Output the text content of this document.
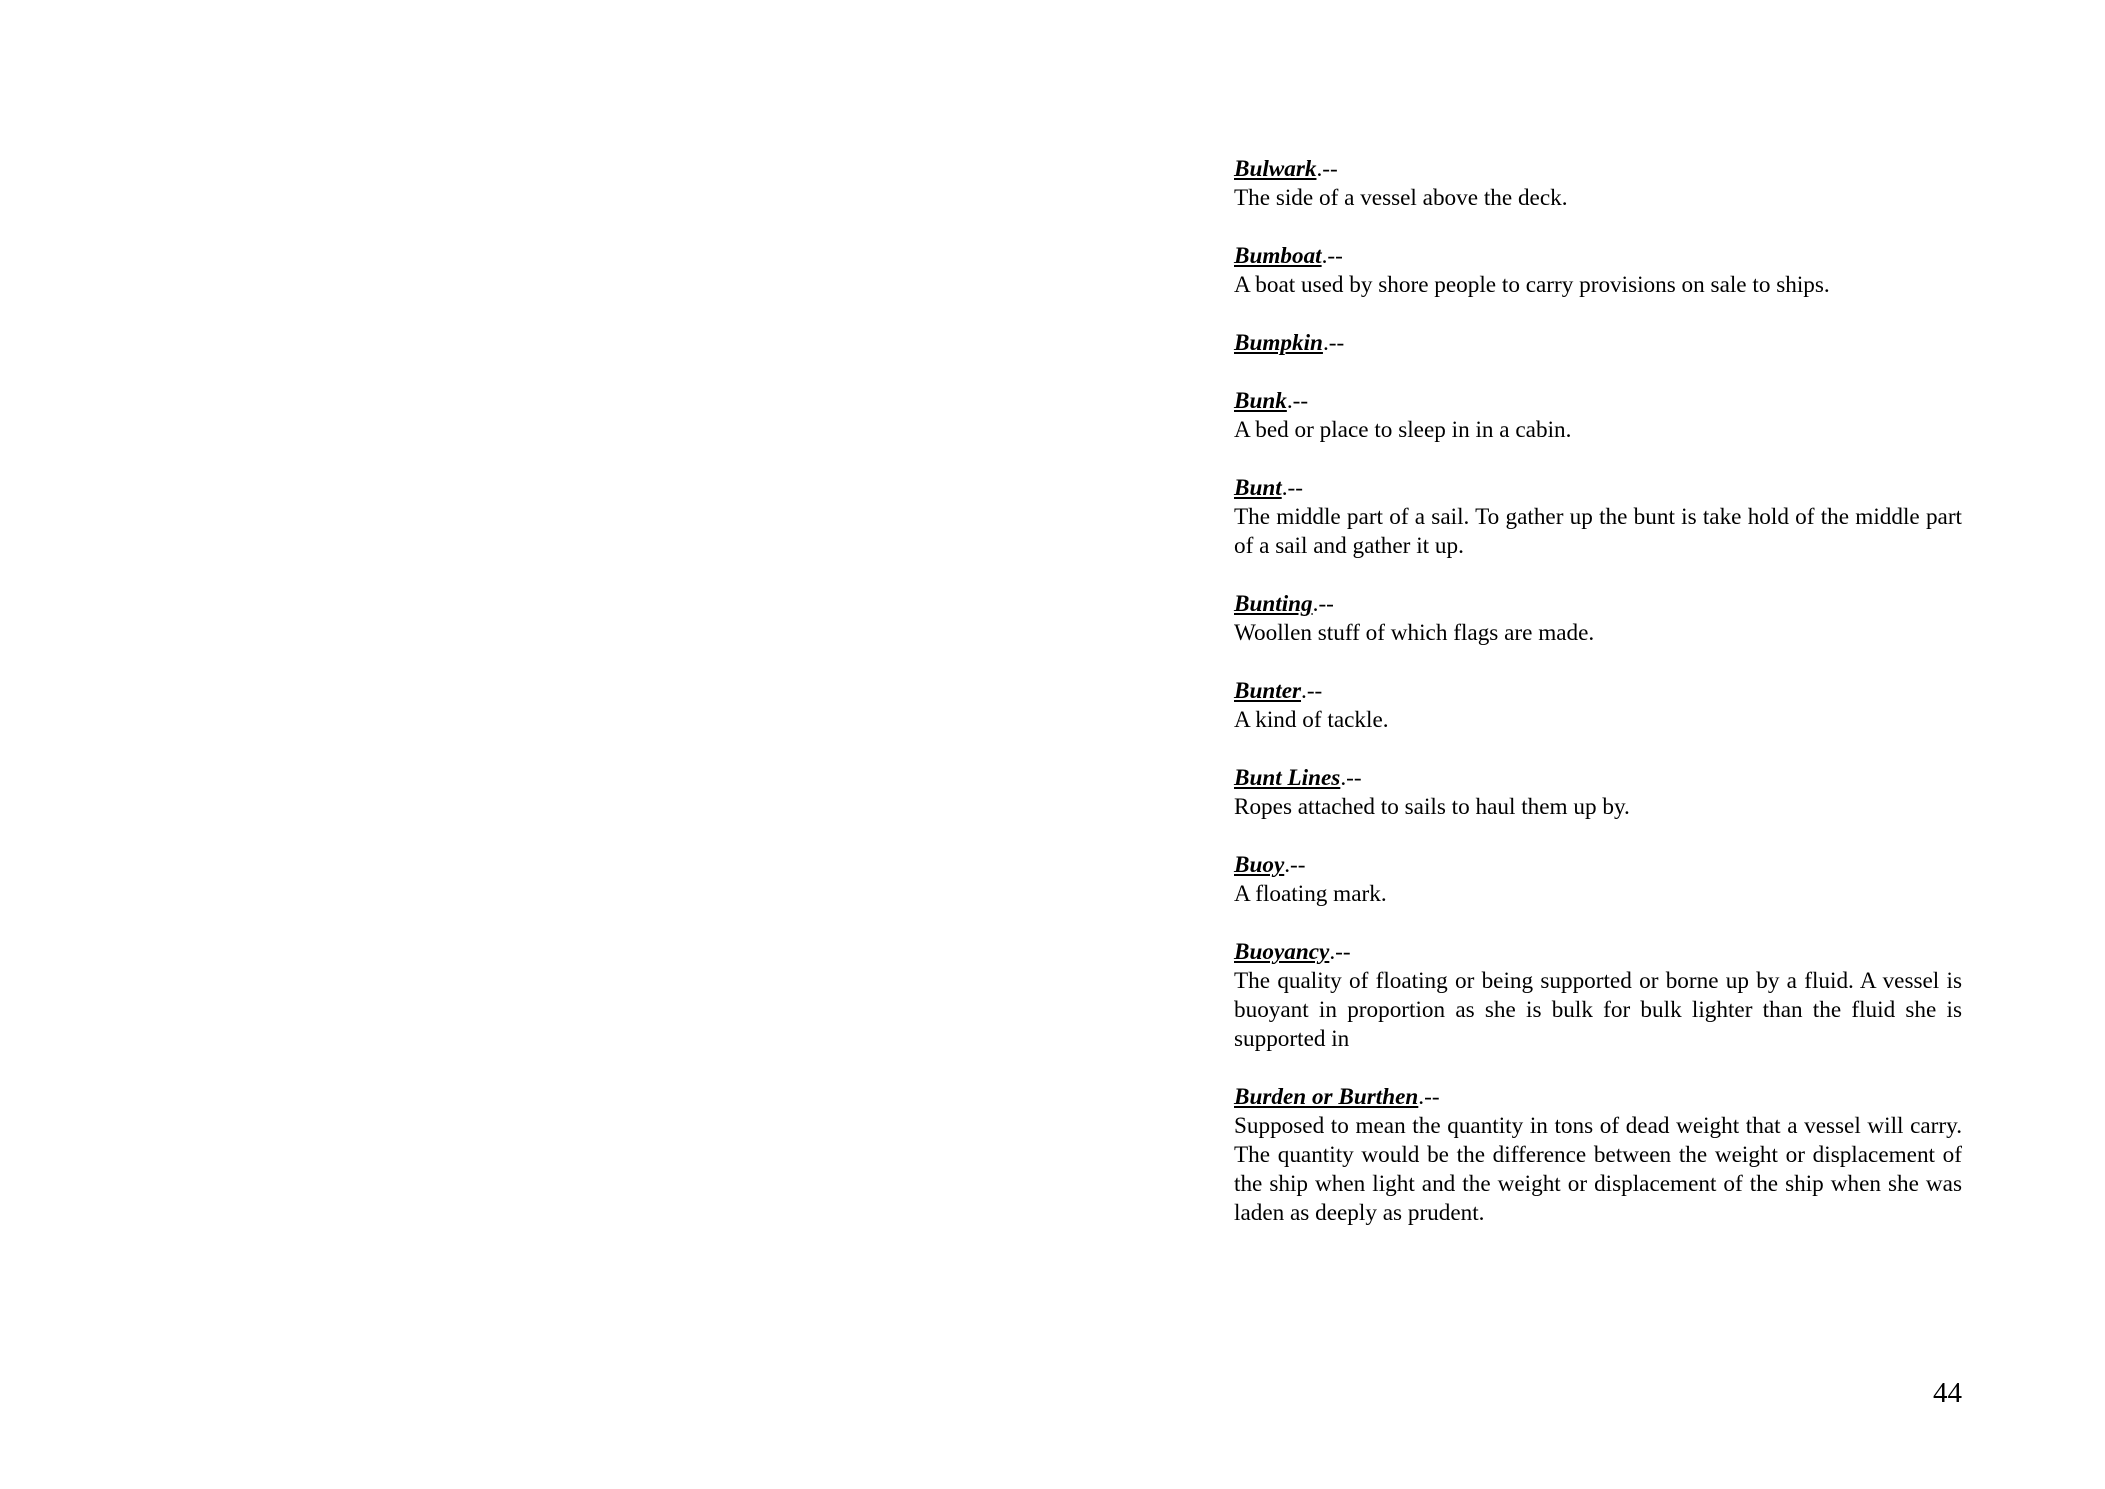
Bulwark.--
The side of a vessel above the deck.
Bumboat.--
A boat used by shore people to carry provisions on sale to ships.
Bumpkin.--
Bunk.--
A bed or place to sleep in in a cabin.
Bunt.--
The middle part of a sail. To gather up the bunt is take hold of the middle part of a sail and gather it up.
Bunting.--
Woollen stuff of which flags are made.
Bunter.--
A kind of tackle.
Bunt Lines.--
Ropes attached to sails to haul them up by.
Buoy.--
A floating mark.
Buoyancy.--
The quality of floating or being supported or borne up by a fluid. A vessel is buoyant in proportion as she is bulk for bulk lighter than the fluid she is supported in
Burden or Burthen.--
Supposed to mean the quantity in tons of dead weight that a vessel will carry. The quantity would be the difference between the weight or displacement of the ship when light and the weight or displacement of the ship when she was laden as deeply as prudent.
44
